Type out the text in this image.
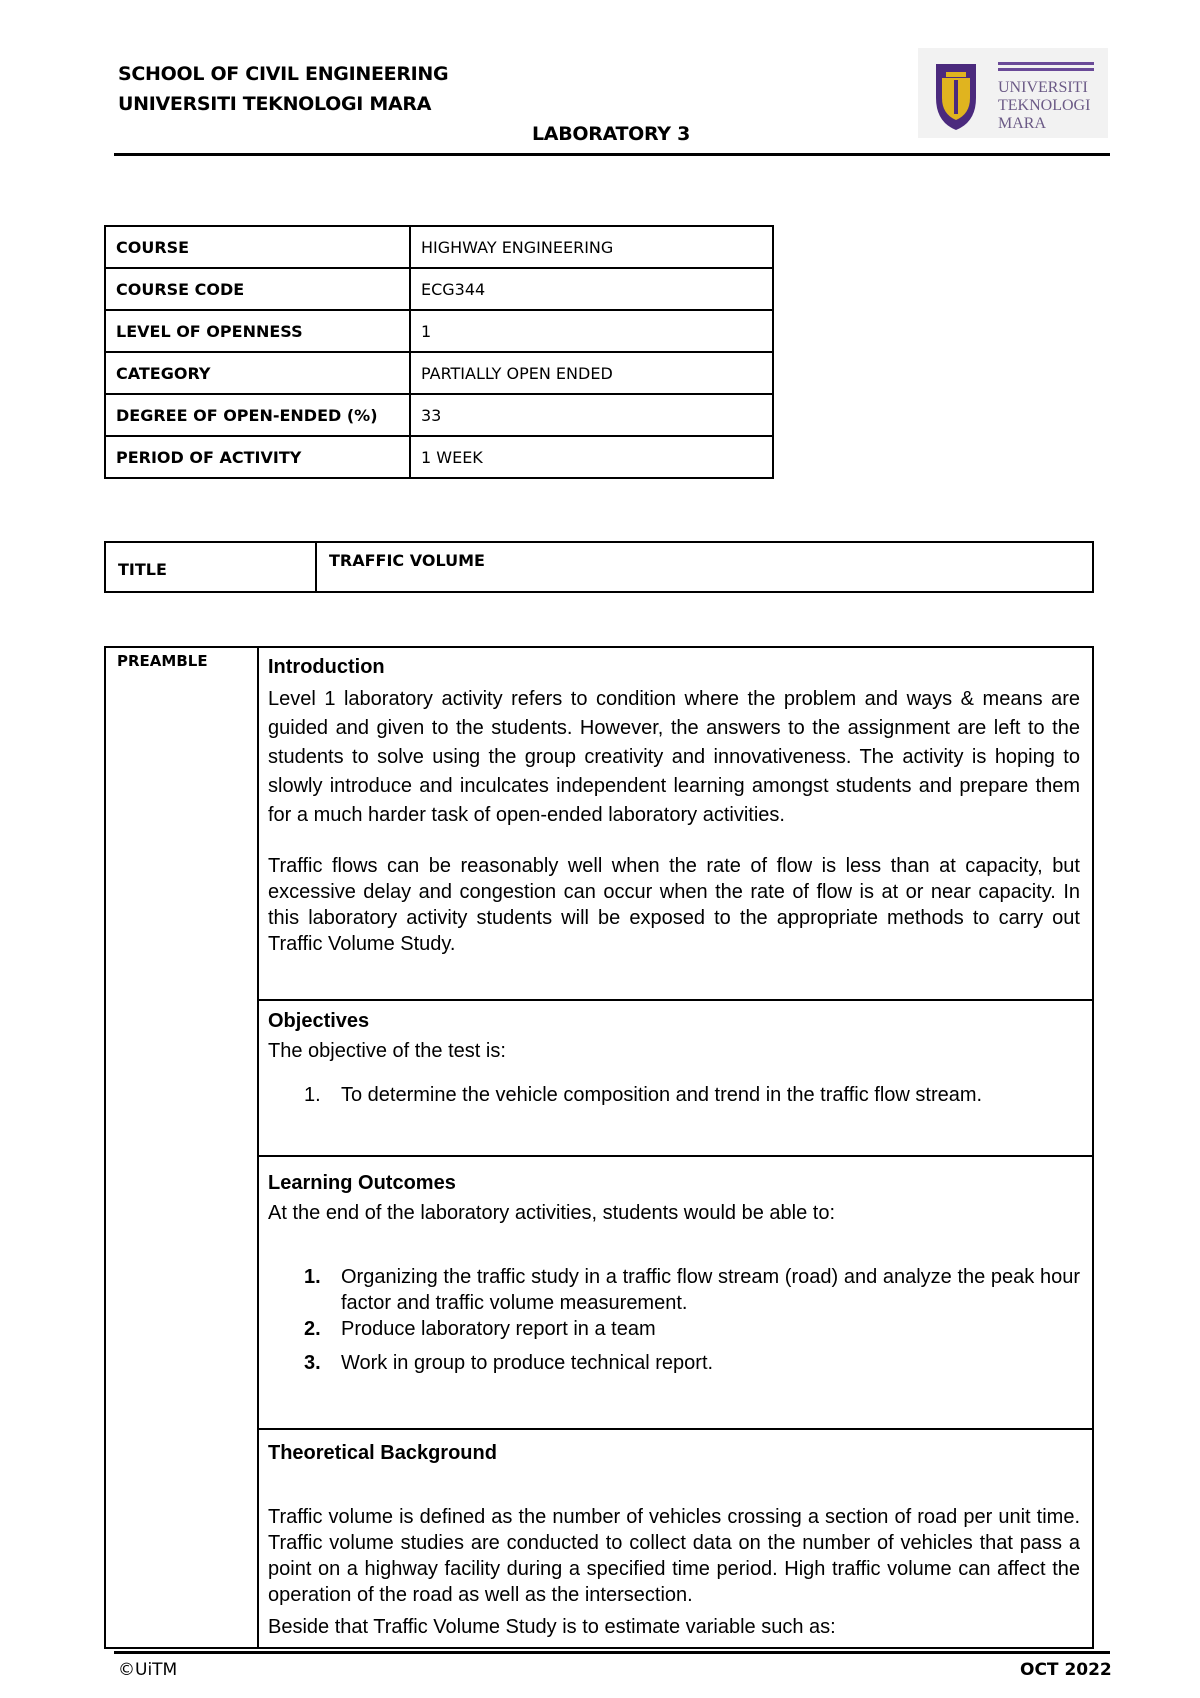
SCHOOL OF CIVIL ENGINEERING
UNIVERSITI TEKNOLOGI MARA
LABORATORY 3
UNIVERSITI
TEKNOLOGI
MARA
COURSE	HIGHWAY ENGINEERING
COURSE CODE	ECG344
LEVEL OF OPENNESS	1
CATEGORY	PARTIALLY OPEN ENDED
DEGREE OF OPEN-ENDED (%)	33
PERIOD OF ACTIVITY	1 WEEK
TITLE	TRAFFIC VOLUME
PREAMBLE	Introduction
Level 1 laboratory activity refers to condition where the problem and ways & means are guided and given to the students. However, the answers to the assignment are left to the students to solve using the group creativity and innovativeness. The activity is hoping to slowly introduce and inculcates independent learning amongst students and prepare them for a much harder task of open-ended laboratory activities.
Traffic flows can be reasonably well when the rate of flow is less than at capacity, but excessive delay and congestion can occur when the rate of flow is at or near capacity. In this laboratory activity students will be exposed to the appropriate methods to carry out Traffic Volume Study.
Objectives
The objective of the test is:
1. To determine the vehicle composition and trend in the traffic flow stream.
Learning Outcomes
At the end of the laboratory activities, students would be able to:
1. Organizing the traffic study in a traffic flow stream (road) and analyze the peak hour factor and traffic volume measurement.
2. Produce laboratory report in a team
3. Work in group to produce technical report.
Theoretical Background
Traffic volume is defined as the number of vehicles crossing a section of road per unit time. Traffic volume studies are conducted to collect data on the number of vehicles that pass a point on a highway facility during a specified time period. High traffic volume can affect the operation of the road as well as the intersection.
Beside that Traffic Volume Study is to estimate variable such as:
©UiTM	OCT 2022
